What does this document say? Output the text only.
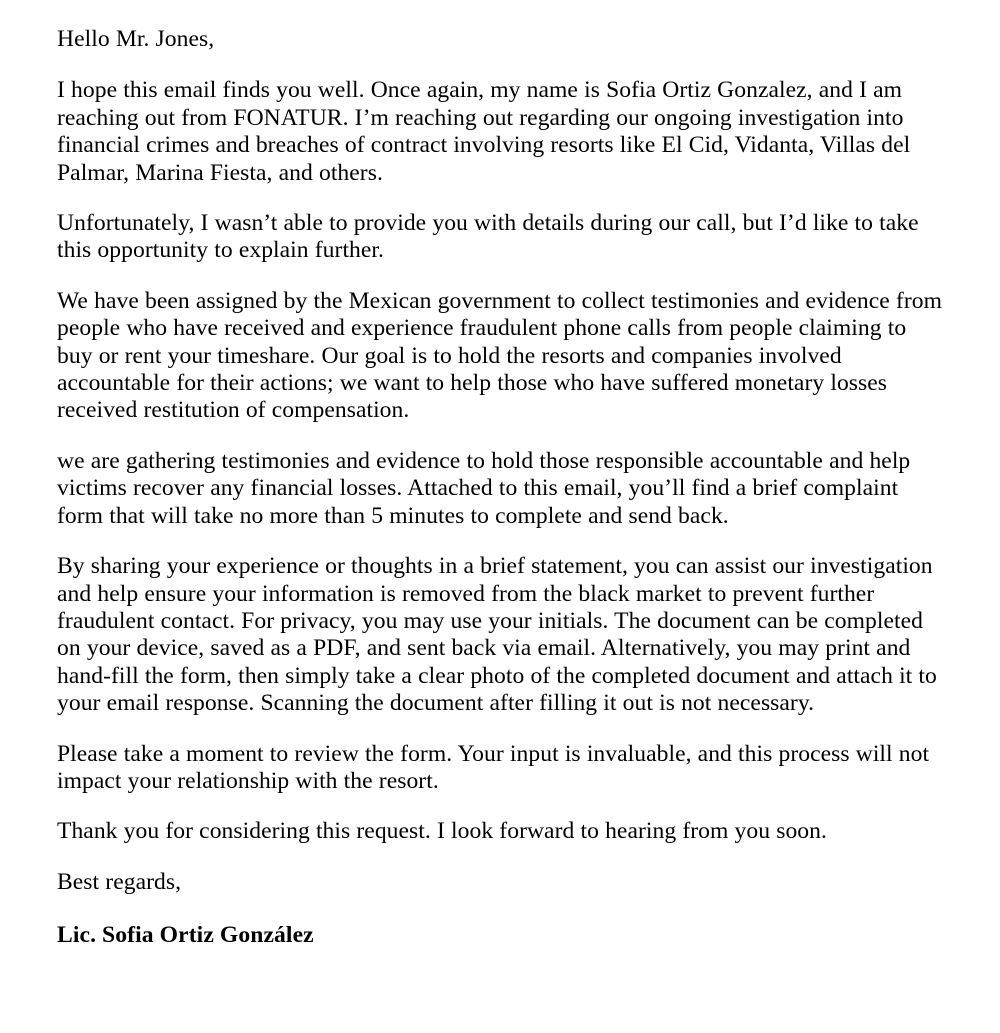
Hello Mr. Jones,

I hope this email finds you well. Once again, my name is Sofia Ortiz Gonzalez, and I am reaching out from FONATUR. I’m reaching out regarding our ongoing investigation into financial crimes and breaches of contract involving resorts like El Cid, Vidanta, Villas del Palmar, Marina Fiesta, and others.

Unfortunately, I wasn’t able to provide you with details during our call, but I’d like to take this opportunity to explain further.

We have been assigned by the Mexican government to collect testimonies and evidence from people who have received and experience fraudulent phone calls from people claiming to buy or rent your timeshare. Our goal is to hold the resorts and companies involved accountable for their actions; we want to help those who have suffered monetary losses received restitution of compensation.

we are gathering testimonies and evidence to hold those responsible accountable and help victims recover any financial losses. Attached to this email, you’ll find a brief complaint form that will take no more than 5 minutes to complete and send back.

By sharing your experience or thoughts in a brief statement, you can assist our investigation and help ensure your information is removed from the black market to prevent further fraudulent contact. For privacy, you may use your initials. The document can be completed on your device, saved as a PDF, and sent back via email. Alternatively, you may print and hand-fill the form, then simply take a clear photo of the completed document and attach it to your email response. Scanning the document after filling it out is not necessary.

Please take a moment to review the form. Your input is invaluable, and this process will not impact your relationship with the resort.

Thank you for considering this request. I look forward to hearing from you soon.

Best regards,

Lic. Sofia Ortiz González
